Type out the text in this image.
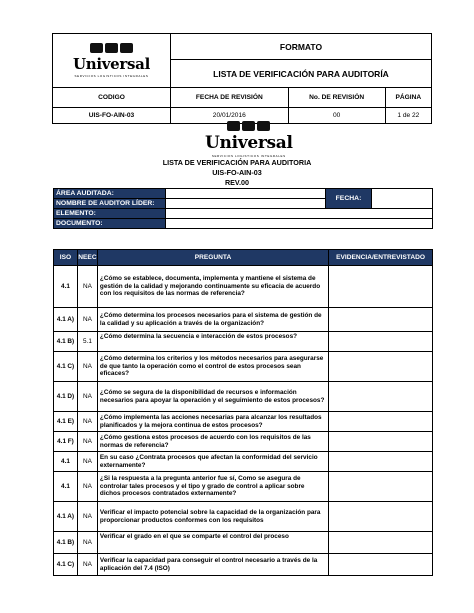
Universal
SERVICIOS LOGISTICOS INTEGRALES	FORMATO		
	LISTA DE VERIFICACIÓN PARA AUDITORÍA		
CODIGO	FECHA DE REVISIÓN	No. DE REVISIÓN	PÁGINA
UIS-FO-AIN-03	20/01/2016	00	1 de 22
Universal
SERVICIOS LOGISTICOS INTEGRALES
LISTA DE VERIFICACIÓN PARA AUDITORIA
UIS-FO-AIN-03
REV.00
ÁREA AUDITADA:		FECHA:	
NOMBRE DE AUDITOR LÍDER:			
ELEMENTO:			
DOCUMENTO:			
ISO	NEEC	PREGUNTA	EVIDENCIA/ENTREVISTADO
4.1	NA	¿Cómo se establece, documenta, implementa y mantiene el sistema de gestión de la calidad y mejorando continuamente su eficacia de acuerdo con los requisitos de las normas de referencia?	
4.1 A)	NA	¿Cómo determina los procesos necesarios para el sistema de gestión de la calidad y su aplicación a través de la organización?	
4.1 B)	5.1	¿Cómo determina la secuencia e interacción de estos procesos?	
4.1 C)	NA	¿Cómo determina los criterios y los métodos necesarios para asegurarse de que tanto la operación como el control de estos procesos sean eficaces?	
4.1 D)	NA	¿Cómo se segura de la disponibilidad de recursos e información necesarios para apoyar la operación y el seguimiento de estos procesos?	
4.1 E)	NA	¿Cómo implementa las acciones necesarias para alcanzar los resultados planificados y la mejora continua de estos procesos?	
4.1 F)	NA	¿Cómo gestiona estos procesos de acuerdo con los requisitos de las normas de referencia?	
4.1	NA	En su caso ¿Contrata procesos que afectan la conformidad del servicio externamente?	
4.1	NA	¿Si la respuesta a la pregunta anterior fue sí, Como se asegura de controlar tales procesos y el tipo y grado de control a aplicar sobre dichos procesos contratados externamente?	
4.1 A)	NA	Verificar el impacto potencial sobre la capacidad de la organización para proporcionar productos conformes con los requisitos	
4.1 B)	NA	Verificar el grado en el que se comparte el control del proceso	
4.1 C)	NA	Verificar la capacidad para conseguir el control necesario a través de la aplicación del 7.4 (ISO)	
